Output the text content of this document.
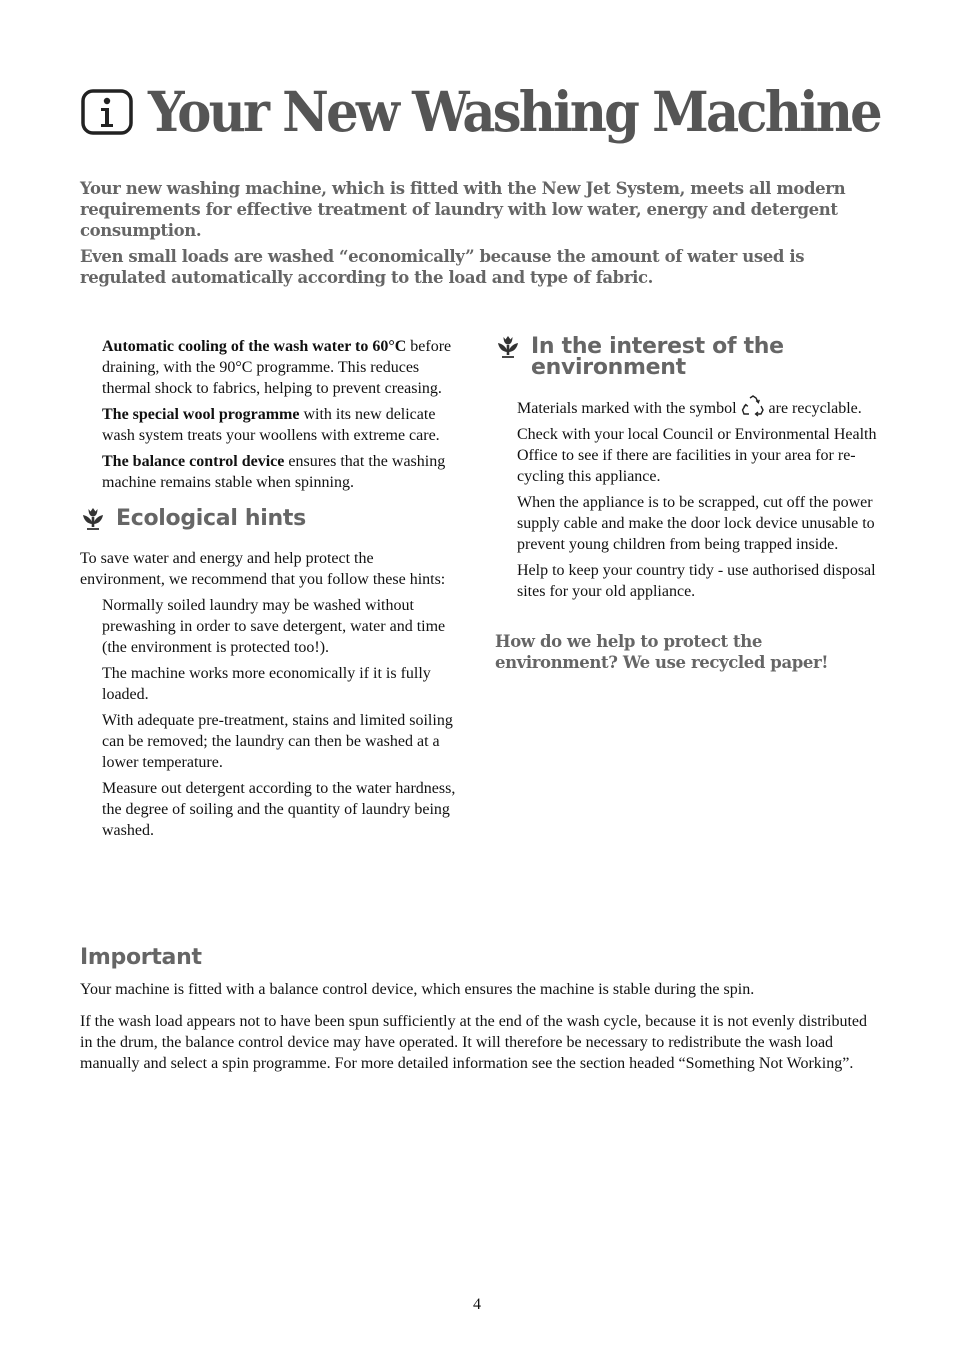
Your New Washing Machine

Your new washing machine, which is fitted with the New Jet System, meets all modern requirements for effective treatment of laundry with low water, energy and detergent consumption.

Even small loads are washed “economically” because the amount of water used is regulated automatically according to the load and type of fabric.

Automatic cooling of the wash water to 60°C before draining, with the 90°C programme. This reduces thermal shock to fabrics, helping to prevent creasing.

The special wool programme with its new delicate wash system treats your woollens with extreme care.

The balance control device ensures that the washing machine remains stable when spinning.

Ecological hints

To save water and energy and help protect the environment, we recommend that you follow these hints:

Normally soiled laundry may be washed without prewashing in order to save detergent, water and time (the environment is protected too!).

The machine works more economically if it is fully loaded.

With adequate pre-treatment, stains and limited soiling can be removed; the laundry can then be washed at a lower temperature.

Measure out detergent according to the water hardness, the degree of soiling and the quantity of laundry being washed.

In the interest of the environment

Materials marked with the symbol are recyclable.

Check with your local Council or Environmental Health Office to see if there are facilities in your area for re-cycling this appliance.

When the appliance is to be scrapped, cut off the power supply cable and make the door lock device unusable to prevent young children from being trapped inside.

Help to keep your country tidy - use authorised disposal sites for your old appliance.

How do we help to protect the environment? We use recycled paper!
Important

Your machine is fitted with a balance control device, which ensures the machine is stable during the spin.

If the wash load appears not to have been spun sufficiently at the end of the wash cycle, because it is not evenly distributed in the drum, the balance control device may have operated. It will therefore be necessary to redistribute the wash load manually and select a spin programme. For more detailed information see the section headed “Something Not Working”.

4
